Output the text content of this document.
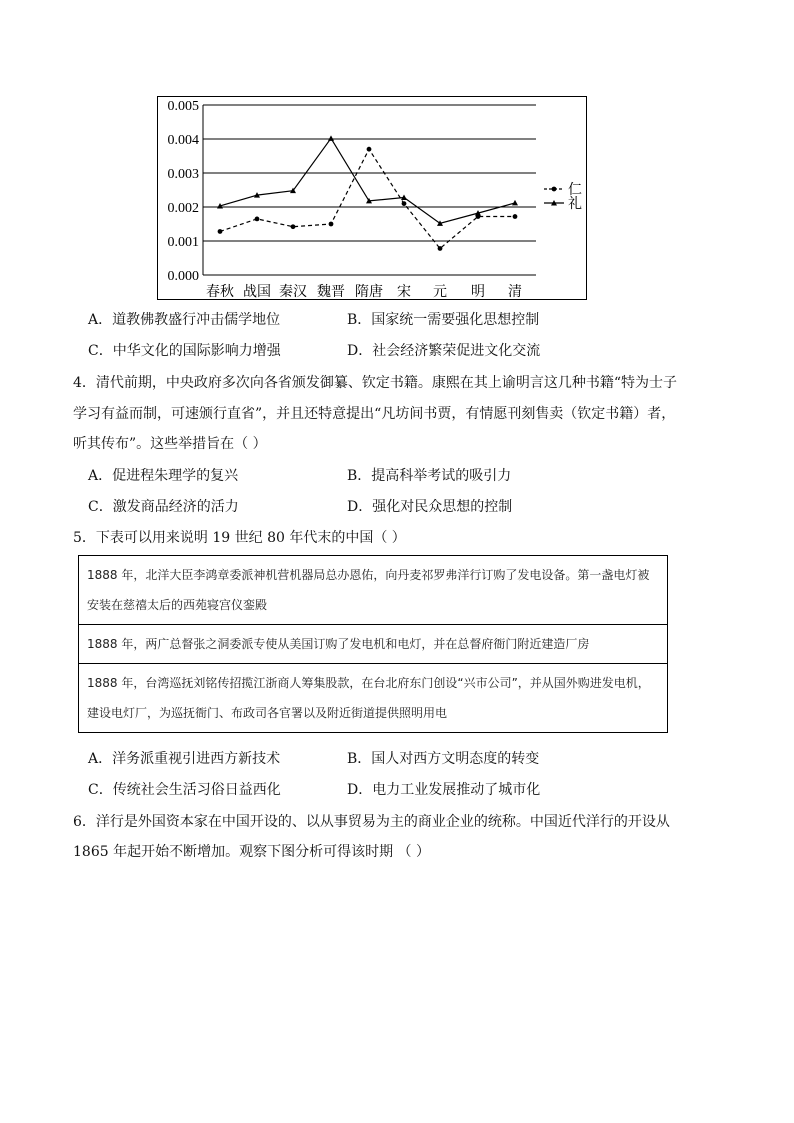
0.000
0.001
0.002
0.003
0.004
0.005
春秋 战国 秦汉 魏晋 隋唐 宋 元 明 清
仁
礼
A．道教佛教盛行冲击儒学地位	B．国家统一需要强化思想控制
C．中华文化的国际影响力增强	D．社会经济繁荣促进文化交流
4．清代前期，中央政府多次向各省颁发御纂、钦定书籍。康熙在其上谕明言这几种书籍“特为士子
学习有益而制，可速颁行直省”，并且还特意提出“凡坊间书贾，有情愿刊刻售卖（钦定书籍）者，
听其传布”。这些举措旨在（ ）
A．促进程朱理学的复兴	B．提高科举考试的吸引力
C．激发商品经济的活力	D．强化对民众思想的控制
5．下表可以用来说明 19 世纪 80 年代末的中国（ ）
1888 年，北洋大臣李鸿章委派神机营机器局总办恩佑，向丹麦祁罗弗洋行订购了发电设备。第一盏电灯被安装在慈禧太后的西苑寝宫仪銮殿
1888 年，两广总督张之洞委派专使从美国订购了发电机和电灯，并在总督府衙门附近建造厂房
1888 年，台湾巡抚刘铭传招揽江浙商人筹集股款，在台北府东门创设“兴市公司”，并从国外购进发电机，建设电灯厂，为巡抚衙门、布政司各官署以及附近街道提供照明用电
A．洋务派重视引进西方新技术	B．国人对西方文明态度的转变
C．传统社会生活习俗日益西化	D．电力工业发展推动了城市化
6．洋行是外国资本家在中国开设的、以从事贸易为主的商业企业的统称。中国近代洋行的开设从
1865 年起开始不断增加。观察下图分析可得该时期 （ ）
